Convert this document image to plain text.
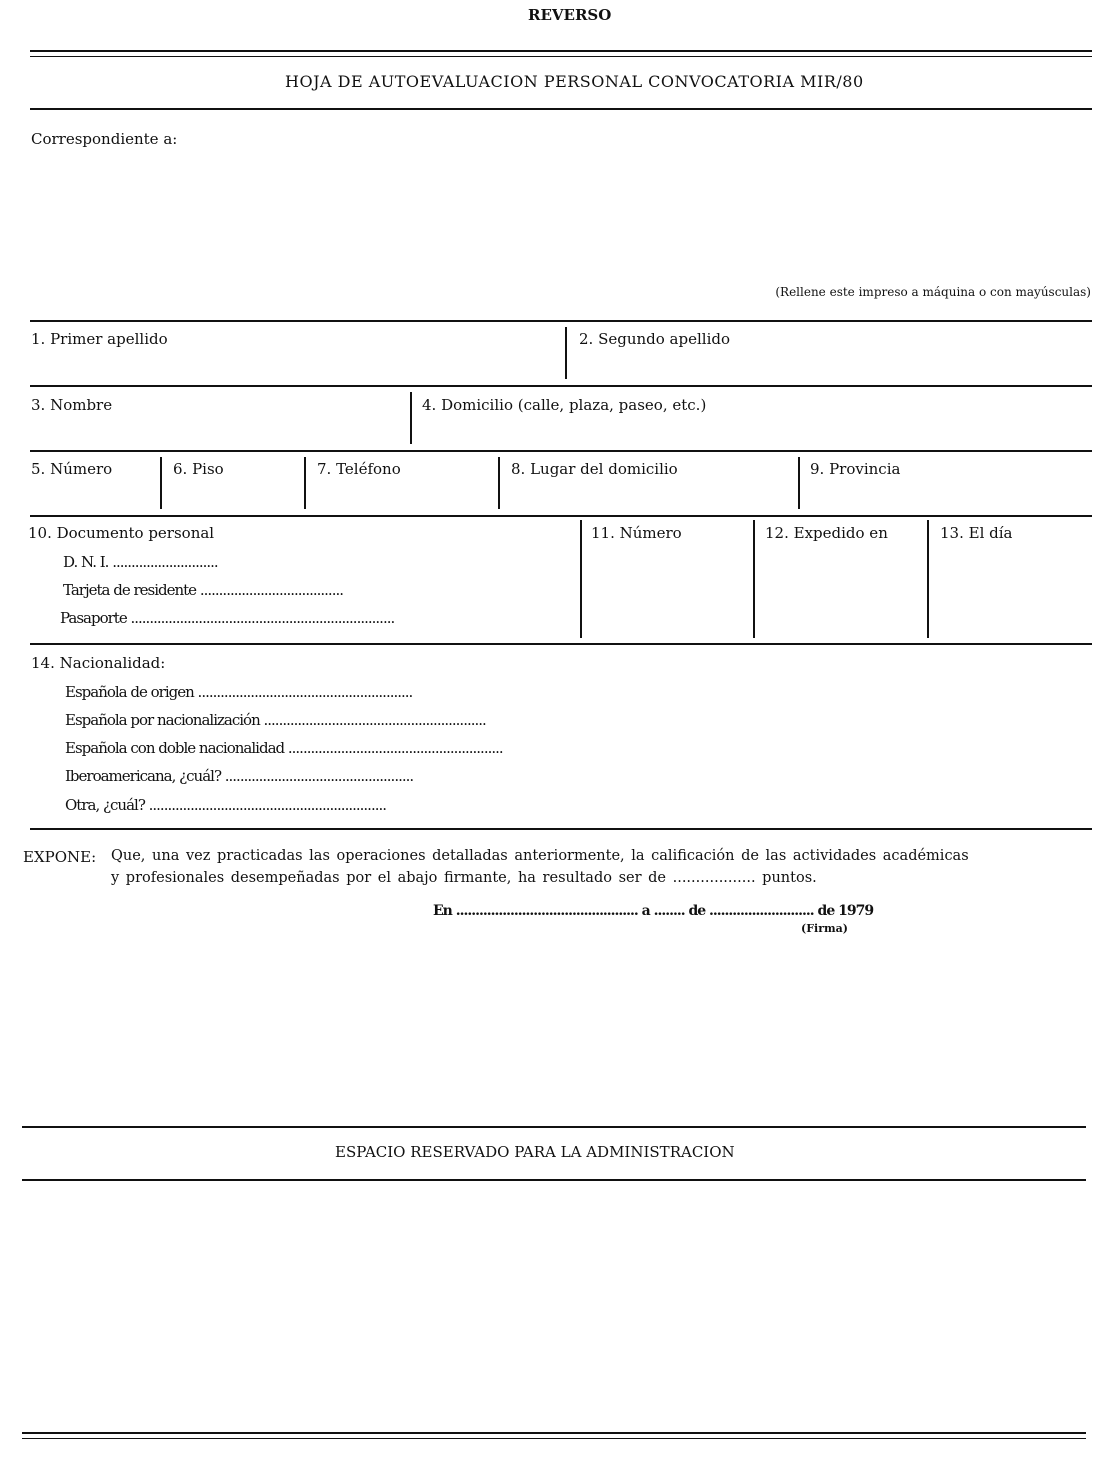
REVERSO
HOJA DE AUTOEVALUACION PERSONAL CONVOCATORIA MIR/80
Correspondiente a:
(Rellene este impreso a máquina o con mayúsculas)
1. Primer apellido	2. Segundo apellido
3. Nombre	4. Domicilio (calle, plaza, paseo, etc.)
5. Número	6. Piso	7. Teléfono	8. Lugar del domicilio	9. Provincia
10. Documento personal
D. N. I. ............................
Tarjeta de residente ......................................
Pasaporte ......................................................................
11. Número	12. Expedido en	13. El día
14. Nacionalidad:
Española de origen .........................................................
Española por nacionalización ...........................................................
Española con doble nacionalidad .........................................................
Iberoamericana, ¿cuál? ..................................................
Otra, ¿cuál? ...............................................................
EXPONE: Que, una vez practicadas las operaciones detalladas anteriormente, la calificación de las actividades académicas
y profesionales desempeñadas por el abajo firmante, ha resultado ser de .................. puntos.
En ............................................... a ........ de ........................... de 1979
(Firma)
ESPACIO RESERVADO PARA LA ADMINISTRACION
